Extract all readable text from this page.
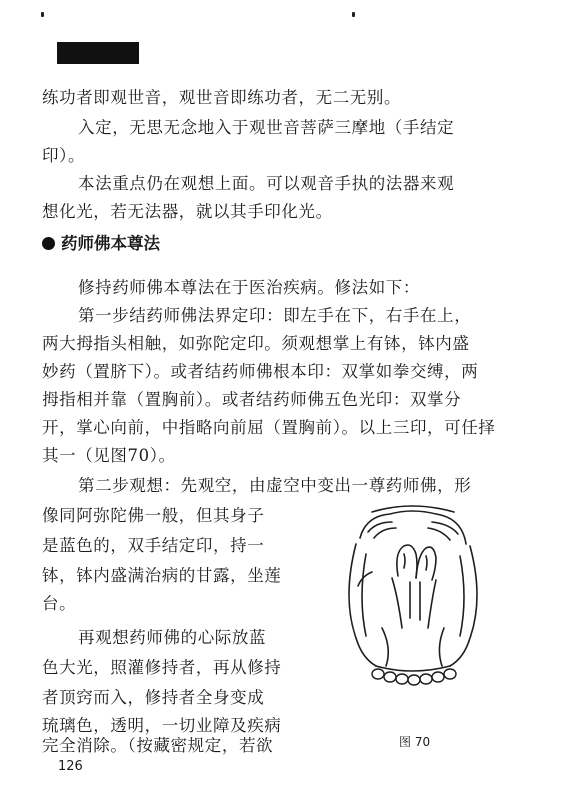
练功者即观世音，观世音即练功者，无二无别。
入定，无思无念地入于观世音菩萨三摩地（手结定
印）。
本法重点仍在观想上面。可以观音手执的法器来观
想化光，若无法器，就以其手印化光。
药师佛本尊法
修持药师佛本尊法在于医治疾病。修法如下：
第一步结药师佛法界定印：即左手在下，右手在上，
两大拇指头相触，如弥陀定印。须观想掌上有钵，钵内盛
妙药（置脐下）。或者结药师佛根本印：双掌如拳交缚，两
拇指相并靠（置胸前）。或者结药师佛五色光印：双掌分
开，掌心向前，中指略向前屈（置胸前）。以上三印，可任择
其一（见图70）。
第二步观想：先观空，由虚空中变出一尊药师佛，形
像同阿弥陀佛一般，但其身子
是蓝色的，双手结定印，持一
钵，钵内盛满治病的甘露，坐莲
台。
再观想药师佛的心际放蓝
色大光，照灌修持者，再从修持
者顶窍而入，修持者全身变成
琉璃色，透明，一切业障及疾病
完全消除。（按藏密规定，若欲	图 70
126
